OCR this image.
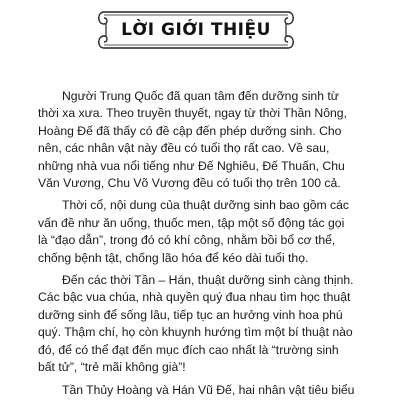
LỜI GIỚI THIỆU

Người Trung Quốc đã quan tâm đến dưỡng sinh từ thời xa xưa. Theo truyền thuyết, ngay từ thời Thần Nông, Hoàng Đế đã thấy có đề cập đến phép dưỡng sinh. Cho nên, các nhân vật này đều có tuổi thọ rất cao. Về sau, những nhà vua nổi tiếng như Đế Nghiêu, Đế Thuấn, Chu Văn Vương, Chu Võ Vương đều có tuổi thọ trên 100 cả.

Thời cổ, nội dung của thuật dưỡng sinh bao gồm các vấn đề như ăn uống, thuốc men, tập một số động tác gọi là “đạo dẫn”, trong đó có khí công, nhằm bồi bổ cơ thể, chống bệnh tật, chống lão hóa để kéo dài tuổi thọ.

Đến các thời Tần – Hán, thuật dưỡng sinh càng thịnh. Các bậc vua chúa, nhà quyền quý đua nhau tìm học thuật dưỡng sinh để sống lâu, tiếp tục an hưởng vinh hoa phú quý. Thậm chí, họ còn khuynh hướng tìm một bí thuật nào đó, để có thể đạt đến mục đích cao nhất là “trường sinh bất tử”, “trẻ mãi không già”!

Tần Thủy Hoàng và Hán Vũ Đế, hai nhân vật tiêu biểu
